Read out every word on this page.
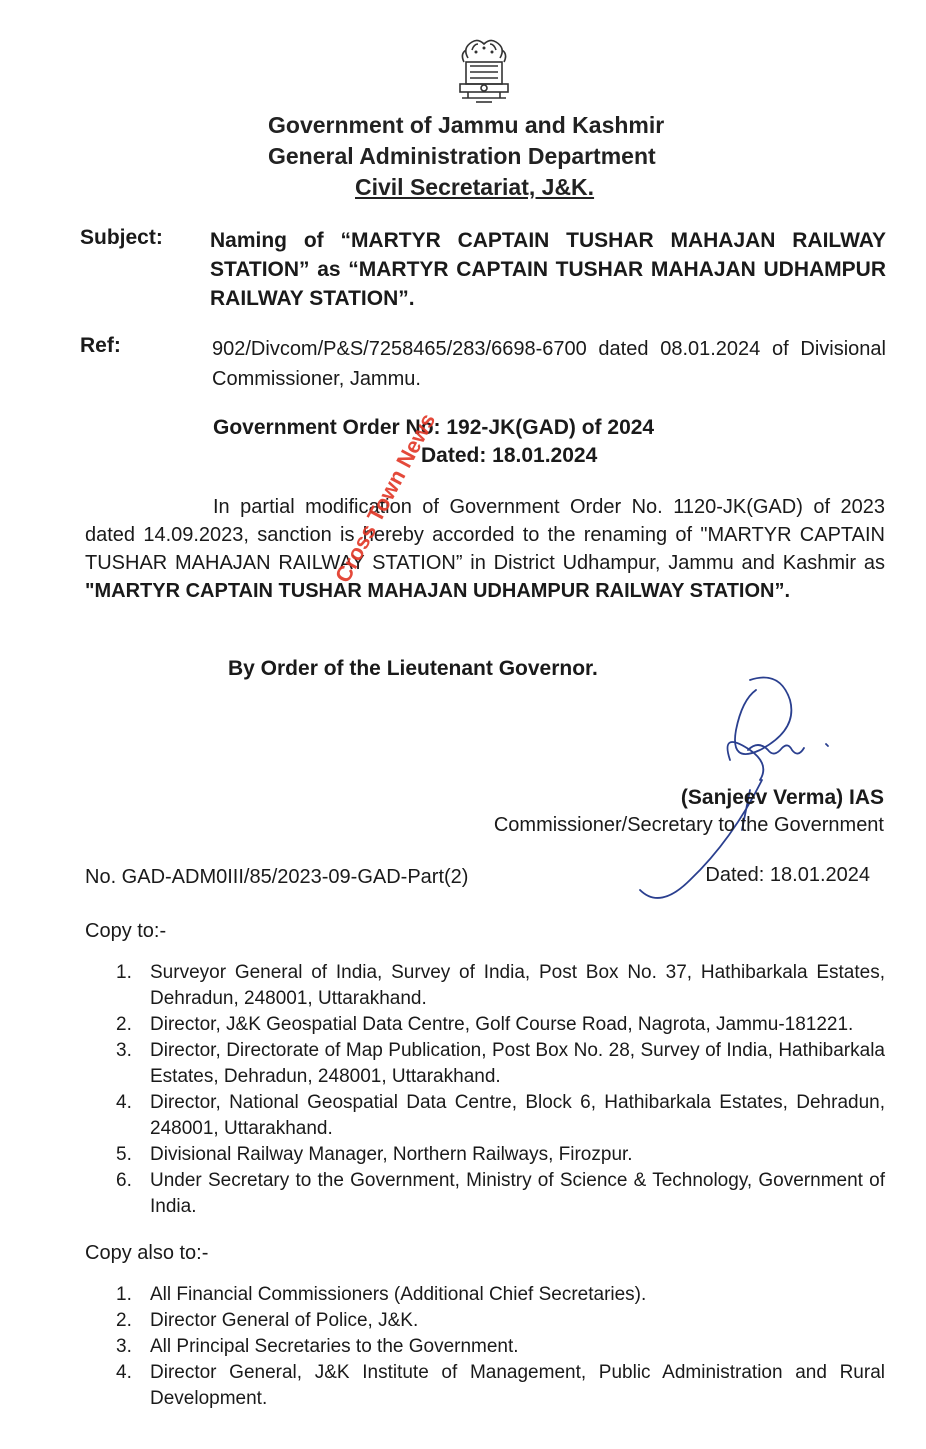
Government of Jammu and Kashmir
General Administration Department
Civil Secretariat, J&K.
Subject: Naming of “MARTYR CAPTAIN TUSHAR MAHAJAN RAILWAY STATION” as “MARTYR CAPTAIN TUSHAR MAHAJAN UDHAMPUR RAILWAY STATION”.
Ref:	902/Divcom/P&S/7258465/283/6698-6700 dated 08.01.2024 of Divisional Commissioner, Jammu.
Government Order No: 192-JK(GAD) of 2024
Dated: 18.01.2024
In partial modification of Government Order No. 1120-JK(GAD) of 2023 dated 14.09.2023, sanction is hereby accorded to the renaming of "MARTYR CAPTAIN TUSHAR MAHAJAN RAILWAY STATION” in District Udhampur, Jammu and Kashmir as "MARTYR CAPTAIN TUSHAR MAHAJAN UDHAMPUR RAILWAY STATION”.
By Order of the Lieutenant Governor.
Cross Town News
(Sanjeev Verma) IAS
Commissioner/Secretary to the Government
No. GAD-ADM0III/85/2023-09-GAD-Part(2)	Dated: 18.01.2024
Copy to:-
1. Surveyor General of India, Survey of India, Post Box No. 37, Hathibarkala Estates, Dehradun, 248001, Uttarakhand.
2. Director, J&K Geospatial Data Centre, Golf Course Road, Nagrota, Jammu-181221.
3. Director, Directorate of Map Publication, Post Box No. 28, Survey of India, Hathibarkala Estates, Dehradun, 248001, Uttarakhand.
4. Director, National Geospatial Data Centre, Block 6, Hathibarkala Estates, Dehradun, 248001, Uttarakhand.
5. Divisional Railway Manager, Northern Railways, Firozpur.
6. Under Secretary to the Government, Ministry of Science & Technology, Government of India.
Copy also to:-
1. All Financial Commissioners (Additional Chief Secretaries).
2. Director General of Police, J&K.
3. All Principal Secretaries to the Government.
4. Director General, J&K Institute of Management, Public Administration and Rural Development.
